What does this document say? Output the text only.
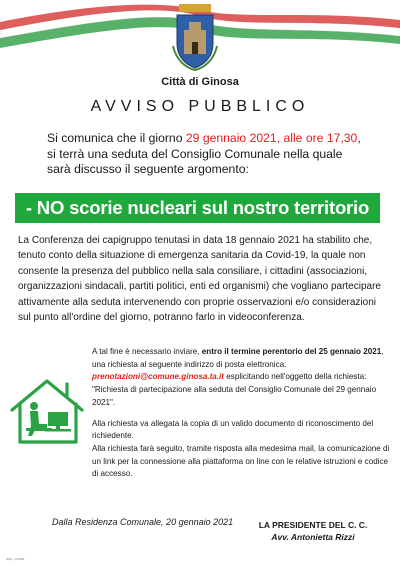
Città di Ginosa
AVVISO PUBBLICO
Si comunica che il giorno 29 gennaio 2021, alle ore 17,30,
si terrà una seduta del Consiglio Comunale nella quale
sarà discusso il seguente argomento:
- NO scorie nucleari sul nostro territorio
La Conferenza dei capigruppo tenutasi in data 18 gennaio 2021 ha stabilito che, tenuto conto della situazione di emergenza sanitaria da Covid-19, la quale non consente la presenza del pubblico nella sala consiliare, i cittadini (associazioni, organizzazioni sindacali, partiti politici, enti ed organismi) che vogliano partecipare attivamente alla seduta intervenendo con proprie osservazioni e/o considerazioni sul punto all'ordine del giorno, potranno farlo in videoconferenza.

A tal fine è necessario inviare, entro il termine perentorio del 25 gennaio 2021, una richiesta al seguente indirizzo di posta elettronica: prenotazioni@comune.ginosa.ta.it esplicitando nell'oggetto della richiesta: "Richiesta di partecipazione alla seduta del Consiglio Comunale del 29 gennaio 2021".

Alla richiesta va allegata la copia di un valido documento di riconoscimento del richiedente.

Alla richiesta farà seguito, tramite risposta alla medesima mail, la comunicazione di un link per la connessione alla piattaforma on line con le relative istruzioni e codice di accesso.

Dalla Residenza Comunale, 20 gennaio 2021	LA PRESIDENTE DEL C. C.
Avv. Antonietta Rizzi
2021_rif.0000
